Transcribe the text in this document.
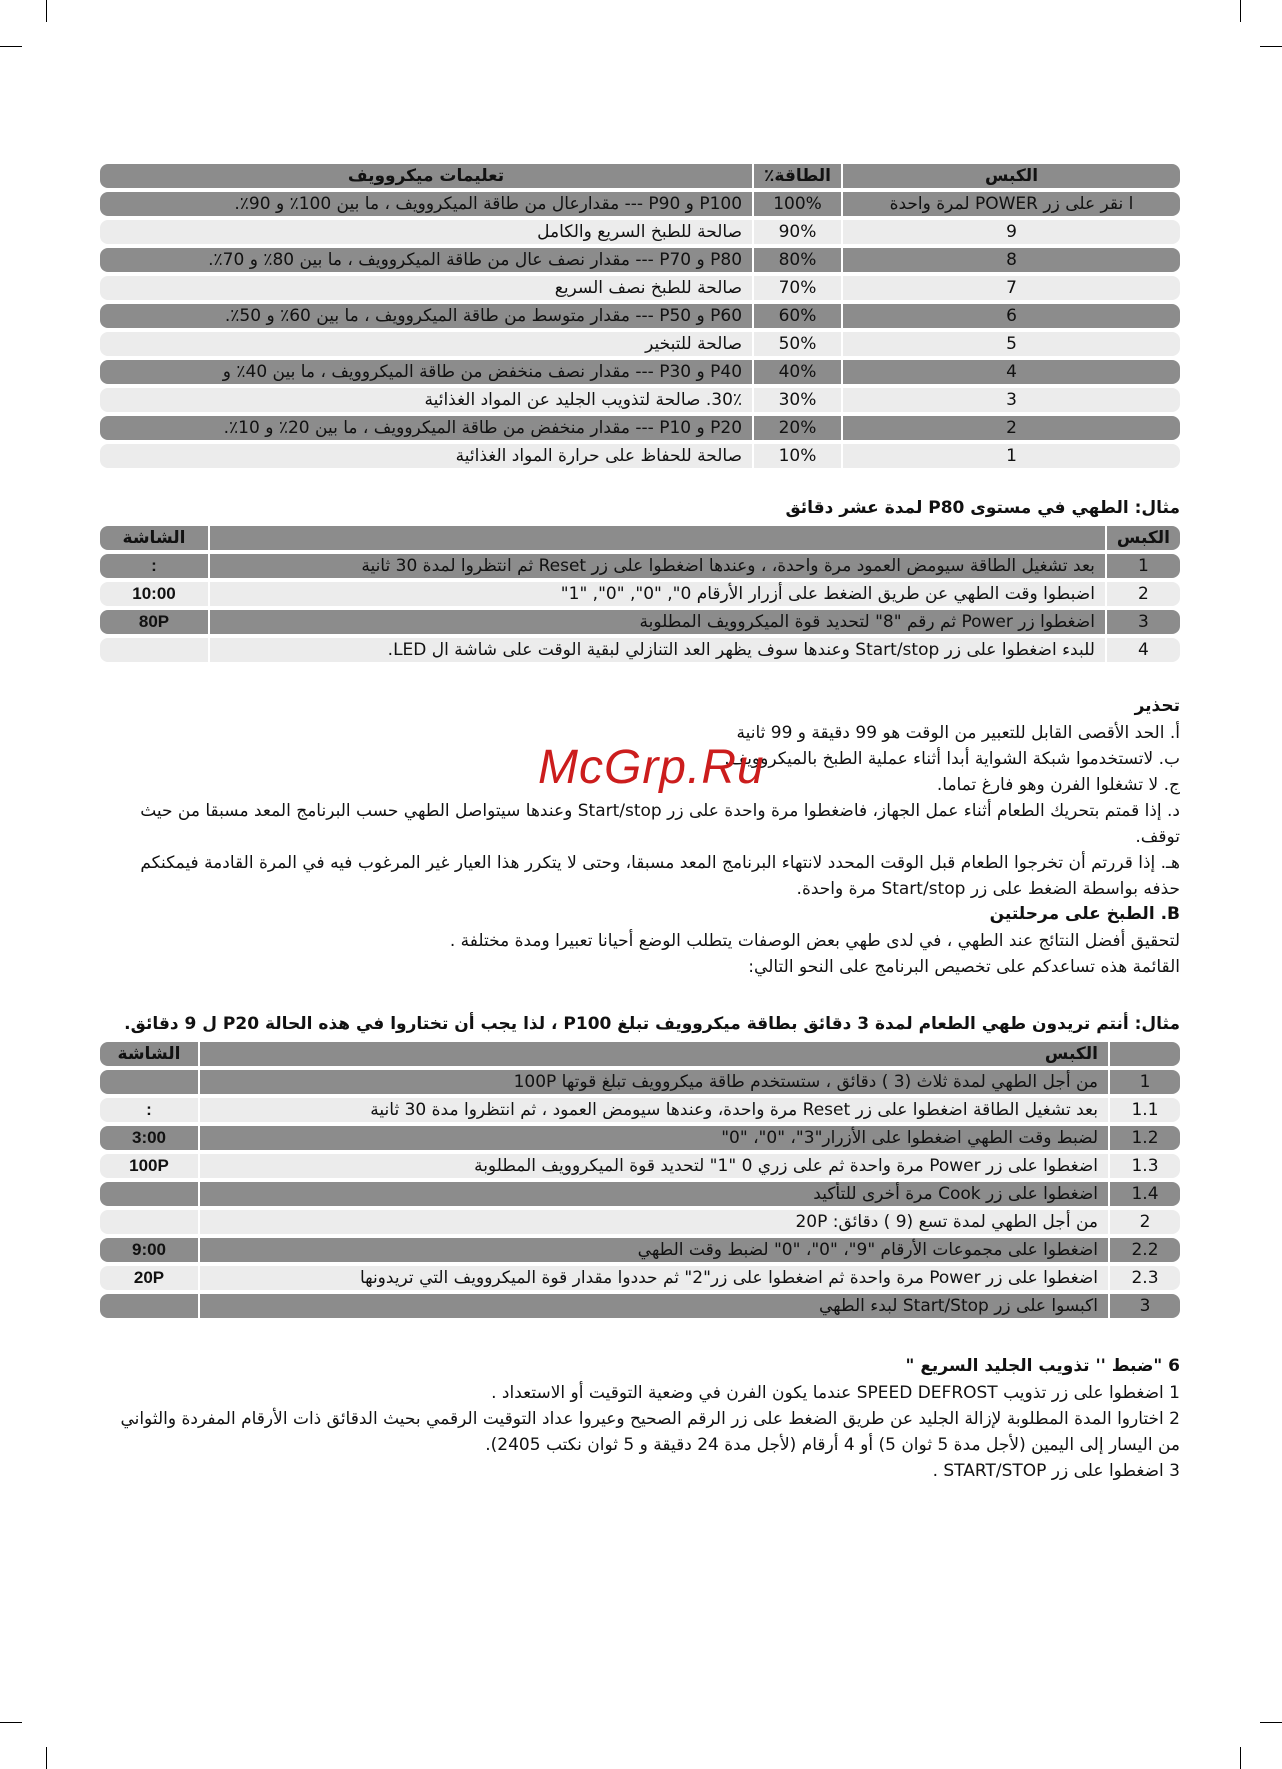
الكبس	الطاقة٪	تعليمات ميكروويف
ا نقر على زر POWER لمرة واحدة	100%	P100 و P90 --- مقدارعال من طاقة الميكروويف ، ما بين 100٪ و 90٪.
9	90%	صالحة للطبخ السريع والكامل
8	80%	P80 و P70 --- مقدار نصف عال من طاقة الميكروويف ، ما بين 80٪ و 70٪.
7	70%	صالحة للطبخ نصف السريع
6	60%	P60 و P50 --- مقدار متوسط من طاقة الميكروويف ، ما بين 60٪ و 50٪.
5	50%	صالحة للتبخير
4	40%	P40 و P30 --- مقدار نصف منخفض من طاقة الميكروويف ، ما بين 40٪ و
3	30%	30٪. صالحة لتذويب الجليد عن المواد الغذائية
2	20%	P20 و P10 --- مقدار منخفض من طاقة الميكروويف ، ما بين 20٪ و 10٪.
1	10%	صالحة للحفاظ على حرارة المواد الغذائية
مثال: الطهي في مستوى P80 لمدة عشر دقائق
الكبس		الشاشة
1	بعد تشغيل الطاقة سيومض العمود مرة واحدة، ، وعندها اضغطوا على زر Reset ثم انتظروا لمدة 30 ثانية	:
2	اضبطوا وقت الطهي عن طريق الضغط على أزرار الأرقام 0", "0", "0", "1"	10:00
3	اضغطوا زر Power ثم رقم "8" لتحديد قوة الميكروويف المطلوبة	80P
4	للبدء اضغطوا على زر Start/stop وعندها سوف يظهر العد التنازلي لبقية الوقت على شاشة ال LED.	
تحذير

أ. الحد الأقصى القابل للتعبير من الوقت هو 99 دقيقة و 99 ثانية

ب. لاتستخدموا شبكة الشواية أبدا أثناء عملية الطبخ بالميكروويف.

ج. لا تشغلوا الفرن وهو فارغ تماما.

د. إذا قمتم بتحريك الطعام أثناء عمل الجهاز، فاضغطوا مرة واحدة على زر Start/stop وعندها سيتواصل الطهي حسب البرنامج المعد مسبقا من حيث توقف.

هـ. إذا قررتم أن تخرجوا الطعام قبل الوقت المحدد لانتهاء البرنامج المعد مسبقا، وحتى لا يتكرر هذا العيار غير المرغوب فيه في المرة القادمة فيمكنكم حذفه بواسطة الضغط على زر Start/stop مرة واحدة.

B. الطبخ على مرحلتين

لتحقيق أفضل النتائج عند الطهي ، في لدى طهي بعض الوصفات يتطلب الوضع أحيانا تعبيرا ومدة مختلفة .

القائمة هذه تساعدكم على تخصيص البرنامج على النحو التالي:

مثال: أنتم تريدون طهي الطعام لمدة 3 دقائق بطاقة ميكروويف تبلغ P100 ، لذا يجب أن تختاروا في هذه الحالة P20 ل 9 دقائق.
	الكبس	الشاشة
1	من أجل الطهي لمدة ثلاث (3 ) دقائق ، ستستخدم طاقة ميكروويف تبلغ قوتها 100P	
1.1	بعد تشغيل الطاقة اضغطوا على زر Reset مرة واحدة، وعندها سيومض العمود ، ثم انتظروا مدة 30 ثانية	:
1.2	لضبط وقت الطهي اضغطوا على الأزرار"3"، "0"، "0"	3:00
1.3	اضغطوا على زر Power مرة واحدة ثم على زري 0 "1" لتحديد قوة الميكروويف المطلوبة	100P
1.4	اضغطوا على زر Cook مرة أخرى للتأكيد	
2	من أجل الطهي لمدة تسع (9 ) دقائق: 20P	
2.2	اضغطوا على مجموعات الأرقام "9"، "0"، "0" لضبط وقت الطهي	9:00
2.3	اضغطوا على زر Power مرة واحدة ثم اضغطوا على زر"2" ثم حددوا مقدار قوة الميكروويف التي تريدونها	20P
3	اكبسوا على زر Start/Stop لبدء الطهي	
6 "ضبط '' تذويب الجليد السريع "

1 اضغطوا على زر تذويب SPEED DEFROST عندما يكون الفرن في وضعية التوقيت أو الاستعداد .

2 اختاروا المدة المطلوبة لإزالة الجليد عن طريق الضغط على زر الرقم الصحيح وعيروا عداد التوقيت الرقمي بحيث الدقائق ذات الأرقام المفردة والثواني من اليسار إلى اليمين (لأجل مدة 5 ثوان 5) أو 4 أرقام (لأجل مدة 24 دقيقة و 5 ثوان نكتب 2405).

3 اضغطوا على زر START/STOP .

McGrp.Ru
